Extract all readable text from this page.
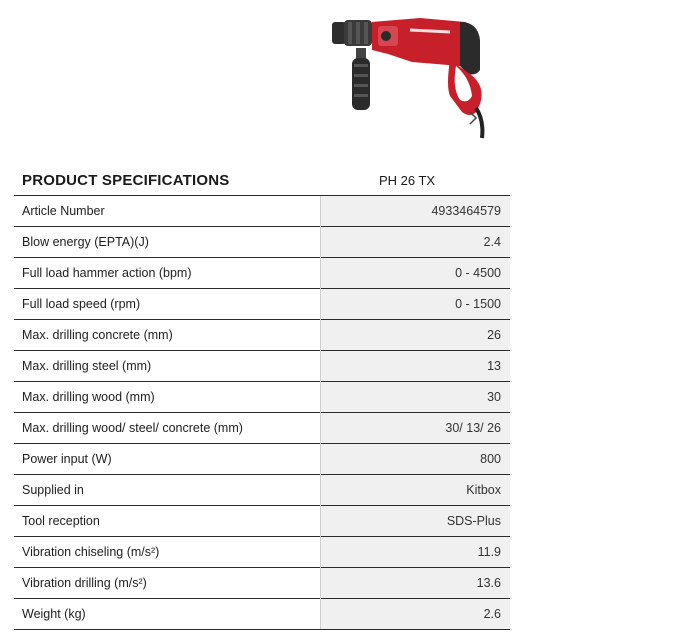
PRODUCT SPECIFICATIONS	PH 26 TX
Article Number	4933464579
Blow energy (EPTA)(J)	2.4
Full load hammer action (bpm)	0 - 4500
Full load speed (rpm)	0 - 1500
Max. drilling concrete (mm)	26
Max. drilling steel (mm)	13
Max. drilling wood (mm)	30
Max. drilling wood/ steel/ concrete (mm)	30/ 13/ 26
Power input (W)	800
Supplied in	Kitbox
Tool reception	SDS-Plus
Vibration chiseling (m/s²)	11.9
Vibration drilling (m/s²)	13.6
Weight (kg)	2.6
